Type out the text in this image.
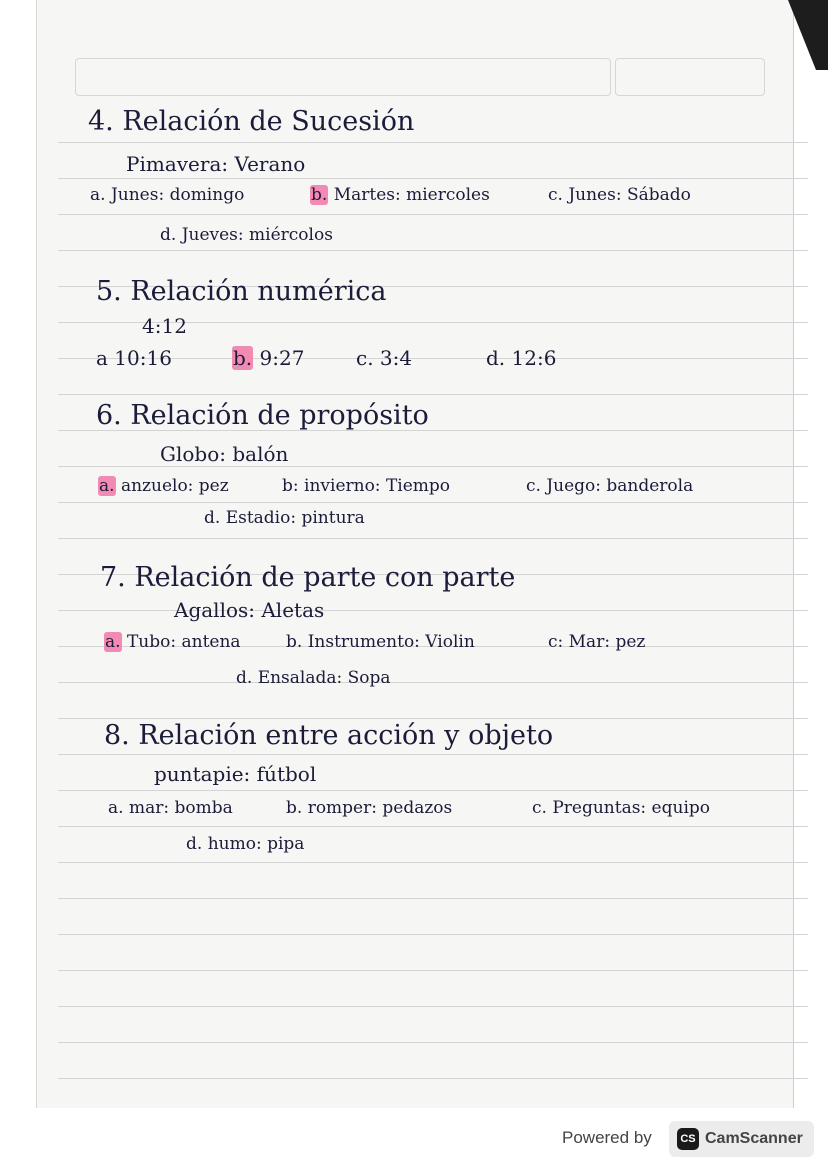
4. Relación de Sucesión
Pimavera: Verano
a. Junes: domingo	b. Martes: miercoles	c. Junes: Sábado
d. Jueves: miércolos
5. Relación numérica
4:12
a 10:16	b. 9:27	c. 3:4	d. 12:6
6. Relación de propósito
Globo: balón
a. anzuelo: pez	b: invierno: Tiempo	c. Juego: banderola
d. Estadio: pintura
7. Relación de parte con parte
Agallos: Aletas
a. Tubo: antena	b. Instrumento: Violin	c: Mar: pez
d. Ensalada: Sopa
8. Relación entre acción y objeto
puntapie: fútbol
a. mar: bomba	b. romper: pedazos	c. Preguntas: equipo
d. humo: pipa
Powered by	CS CamScanner
